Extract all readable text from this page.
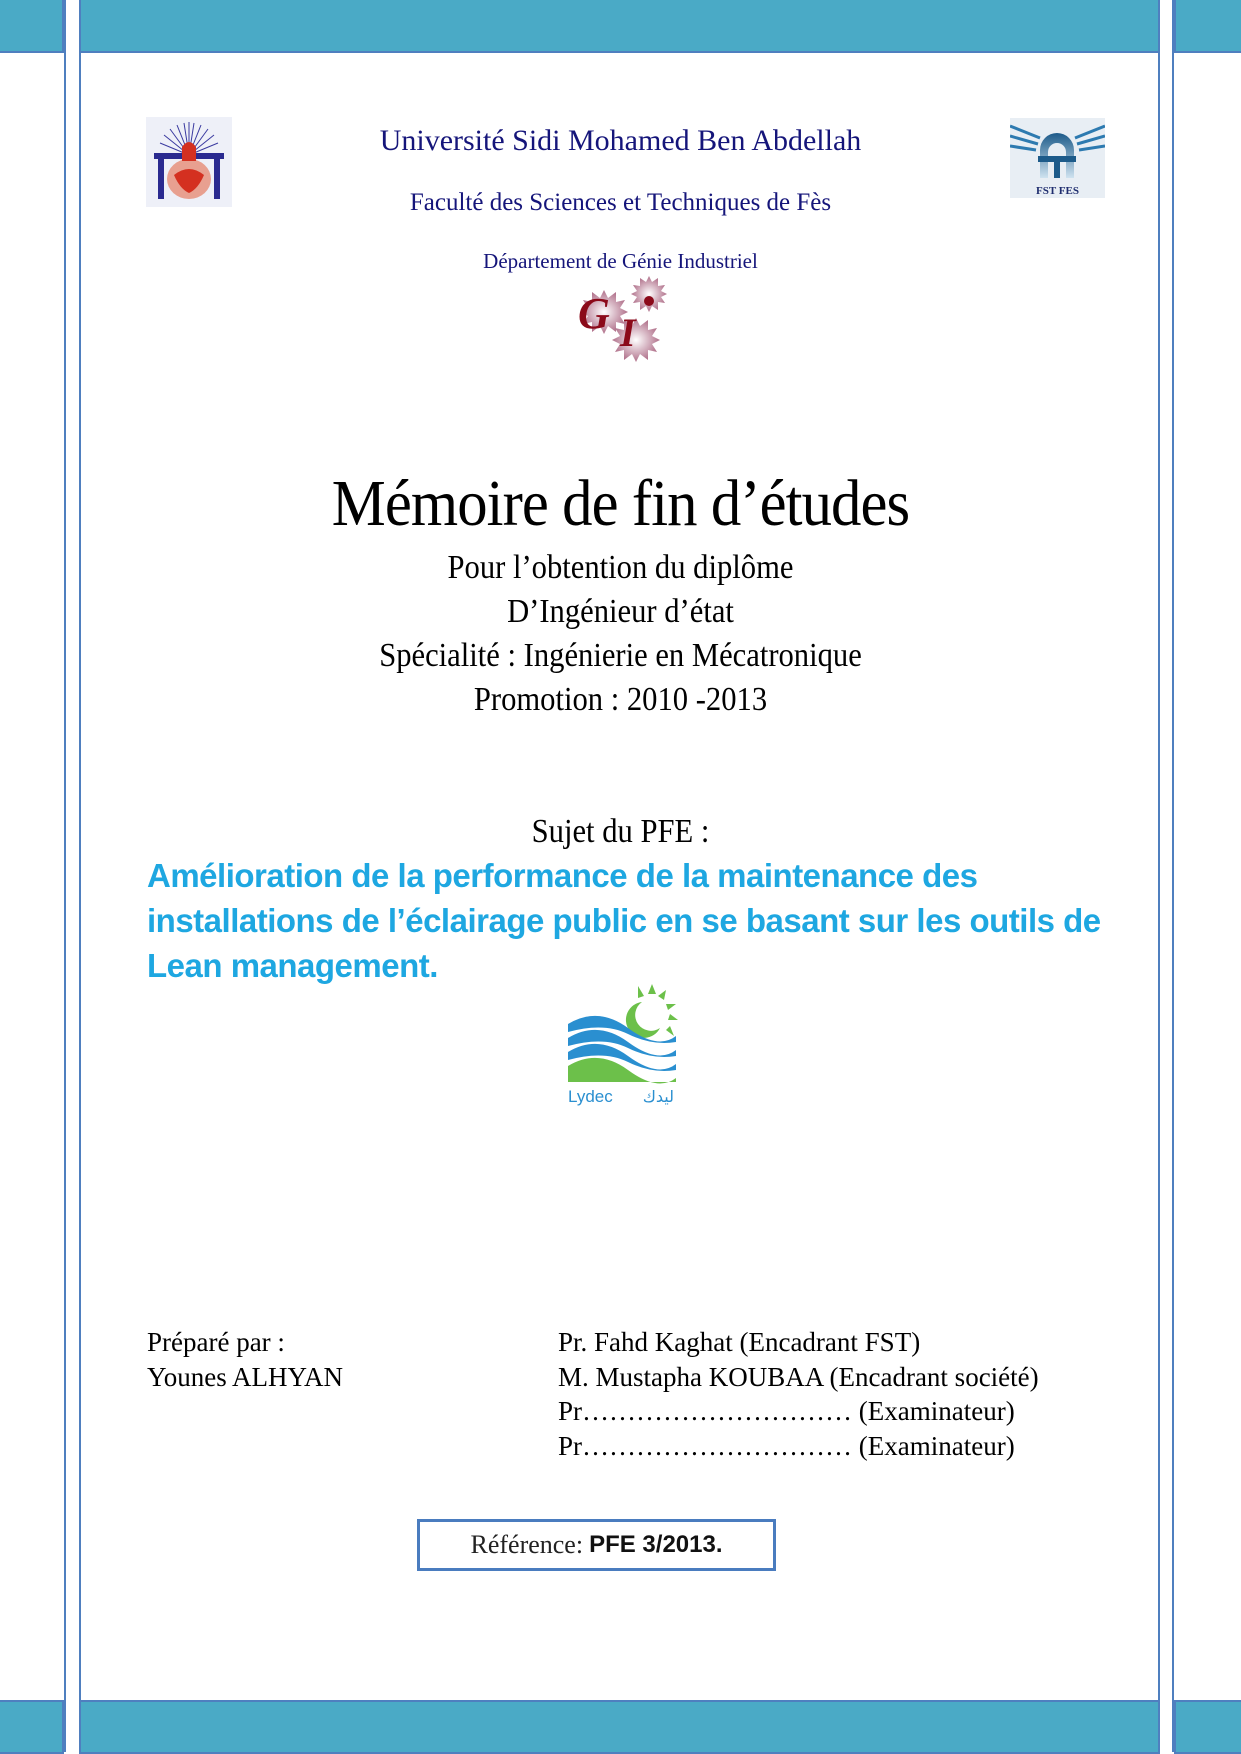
FST FES
Université Sidi Mohamed Ben Abdellah
Faculté des Sciences et Techniques de Fès
Département de Génie Industriel
G I
Mémoire de fin d’études
Pour l’obtention du diplôme
D’Ingénieur d’état
Spécialité : Ingénierie en Mécatronique
Promotion : 2010 -2013
Sujet du PFE :
Amélioration de la performance de la maintenance des installations de l’éclairage public en se basant sur les outils de Lean management.
Lydec ليدك
Préparé par :
Younes ALHYAN
Pr. Fahd Kaghat (Encadrant FST)
M. Mustapha KOUBAA (Encadrant société)
Pr………………………… (Examinateur)
Pr………………………… (Examinateur)
Référence: PFE 3/2013.
